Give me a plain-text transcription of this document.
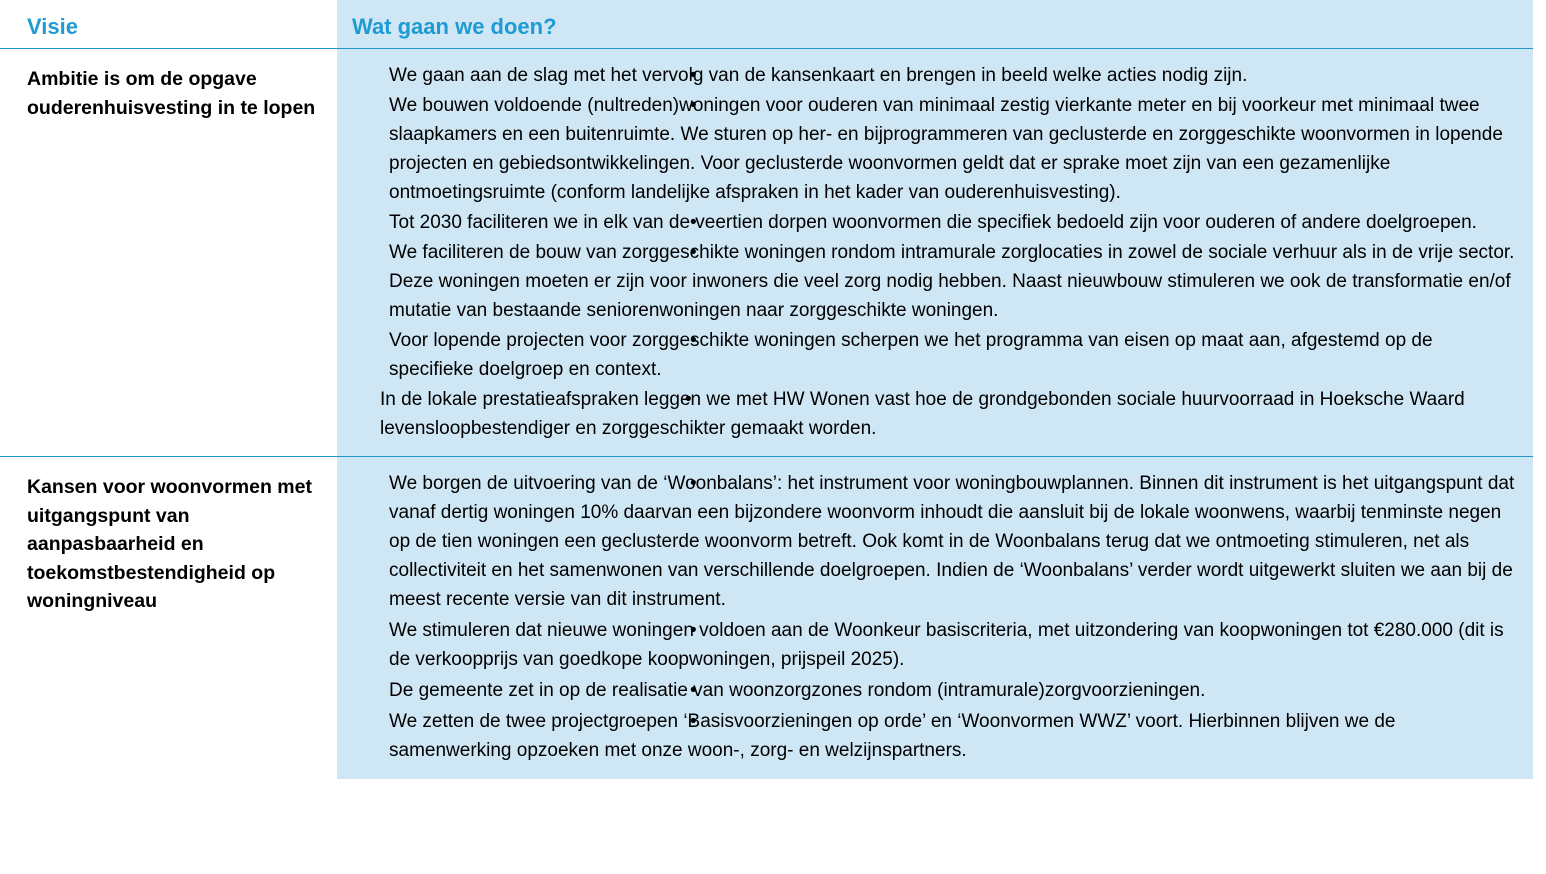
Visie	Wat gaan we doen?
Ambitie is om de opgave ouderenhuisvesting in te lopen
• We gaan aan de slag met het vervolg van de kansenkaart en brengen in beeld welke acties nodig zijn.
• We bouwen voldoende (nultreden)woningen voor ouderen van minimaal zestig vierkante meter en bij voorkeur met minimaal twee slaapkamers en een buitenruimte. We sturen op her- en bijprogrammeren van geclusterde en zorggeschikte woonvormen in lopende projecten en gebiedsontwikkelingen. Voor geclusterde woonvormen geldt dat er sprake moet zijn van een gezamenlijke ontmoetingsruimte (conform landelijke afspraken in het kader van ouderenhuisvesting).
• Tot 2030 faciliteren we in elk van de veertien dorpen woonvormen die specifiek bedoeld zijn voor ouderen of andere doelgroepen.
• We faciliteren de bouw van zorggeschikte woningen rondom intramurale zorglocaties in zowel de sociale verhuur als in de vrije sector. Deze woningen moeten er zijn voor inwoners die veel zorg nodig hebben. Naast nieuwbouw stimuleren we ook de transformatie en/of mutatie van bestaande seniorenwoningen naar zorggeschikte woningen.
• Voor lopende projecten voor zorggeschikte woningen scherpen we het programma van eisen op maat aan, afgestemd op de specifieke doelgroep en context.
• In de lokale prestatieafspraken leggen we met HW Wonen vast hoe de grondgebonden sociale huurvoorraad in Hoeksche Waard levensloopbestendiger en zorggeschikter gemaakt worden.
Kansen voor woonvormen met uitgangspunt van aanpasbaarheid en toekomstbestendigheid op woningniveau
• We borgen de uitvoering van de ‘Woonbalans’: het instrument voor woningbouwplannen. Binnen dit instrument is het uitgangspunt dat vanaf dertig woningen 10% daarvan een bijzondere woonvorm inhoudt die aansluit bij de lokale woonwens, waarbij tenminste negen op de tien woningen een geclusterde woonvorm betreft. Ook komt in de Woonbalans terug dat we ontmoeting stimuleren, net als collectiviteit en het samenwonen van verschillende doelgroepen. Indien de ‘Woonbalans’ verder wordt uitgewerkt sluiten we aan bij de meest recente versie van dit instrument.
• We stimuleren dat nieuwe woningen voldoen aan de Woonkeur basiscriteria, met uitzondering van koopwoningen tot €280.000 (dit is de verkoopprijs van goedkope koopwoningen, prijspeil 2025).
• De gemeente zet in op de realisatie van woonzorgzones rondom (intramurale)zorgvoorzieningen.
• We zetten de twee projectgroepen ‘Basisvoorzieningen op orde’ en ‘Woonvormen WWZ’ voort. Hierbinnen blijven we de samenwerking opzoeken met onze woon-, zorg- en welzijnspartners.
